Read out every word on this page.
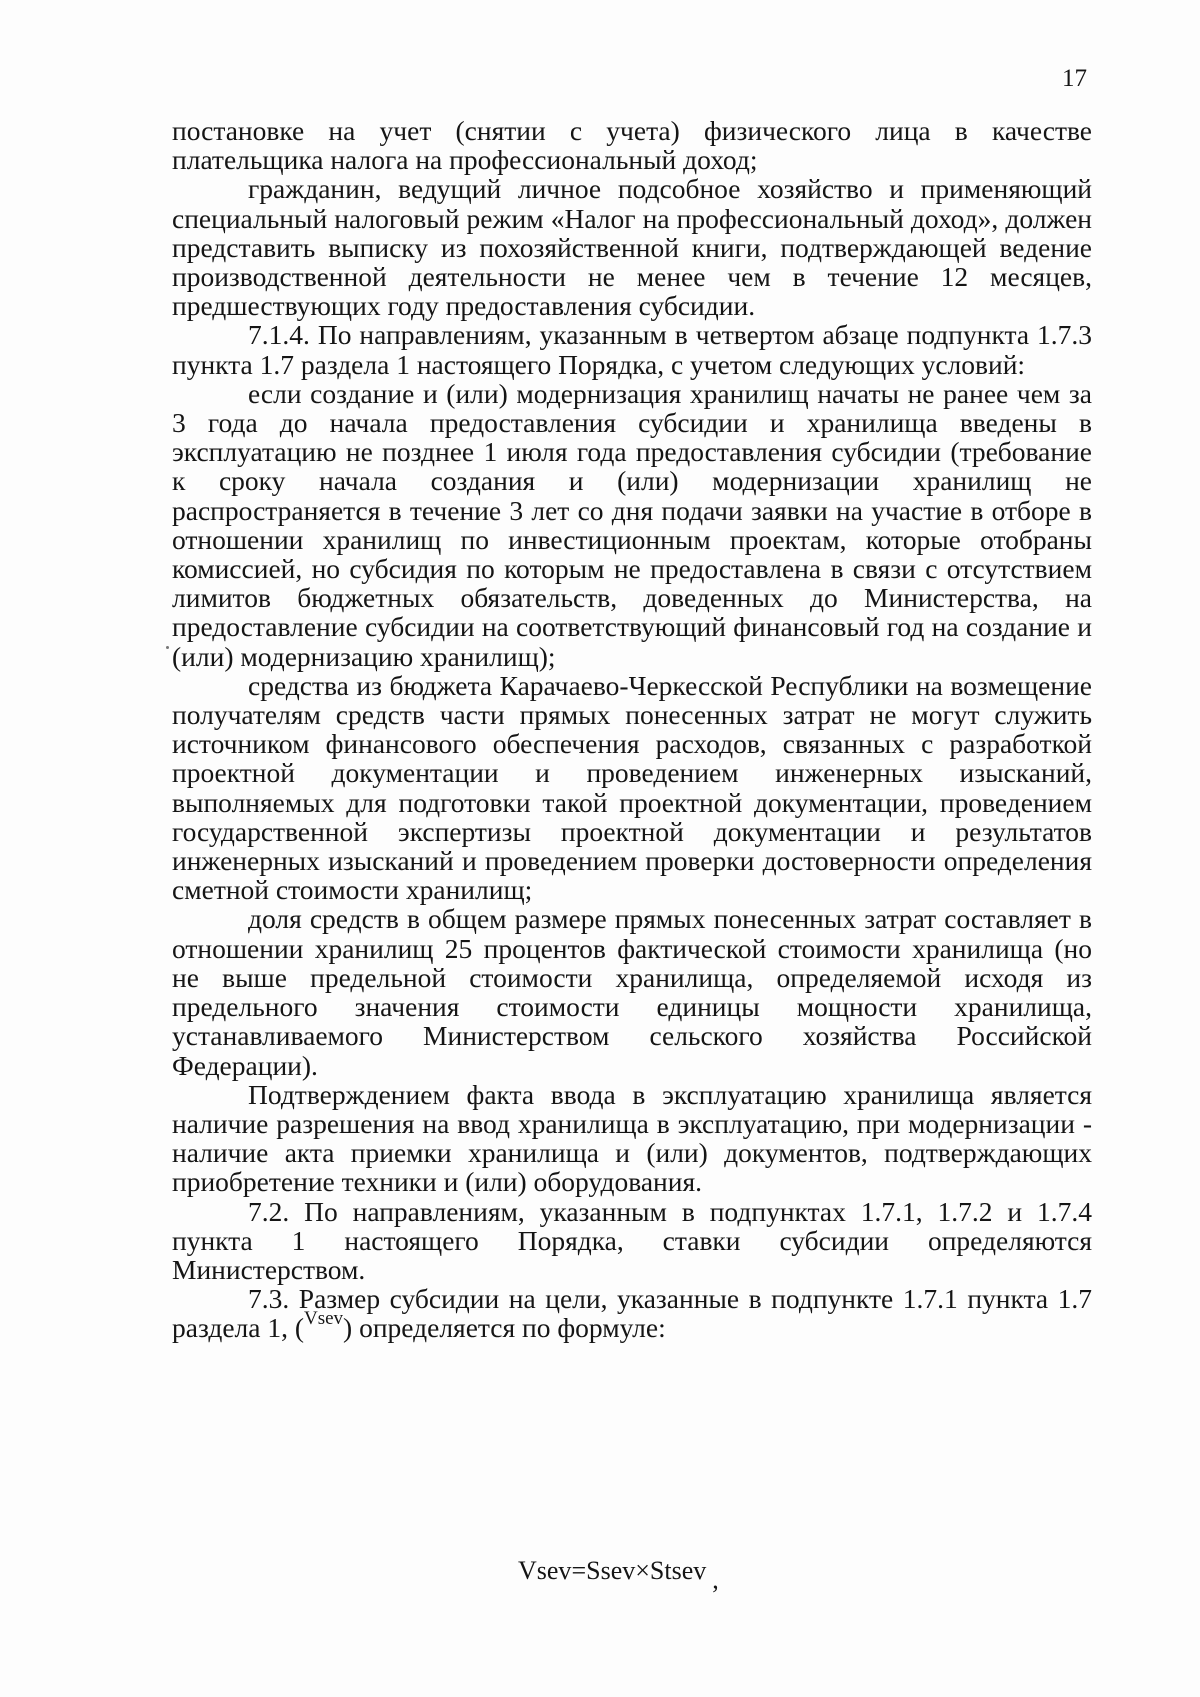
17

постановке на учет (снятии с учета) физического лица в качестве плательщика налога на профессиональный доход;

гражданин, ведущий личное подсобное хозяйство и применяющий специальный налоговый режим «Налог на профессиональный доход», должен представить выписку из похозяйственной книги, подтверждающей ведение производственной деятельности не менее чем в течение 12 месяцев, предшествующих году предоставления субсидии.

7.1.4. По направлениям, указанным в четвертом абзаце подпункта 1.7.3 пункта 1.7 раздела 1 настоящего Порядка, с учетом следующих условий:

если создание и (или) модернизация хранилищ начаты не ранее чем за 3 года до начала предоставления субсидии и хранилища введены в эксплуатацию не позднее 1 июля года предоставления субсидии (требование к сроку начала создания и (или) модернизации хранилищ не распространяется в течение 3 лет со дня подачи заявки на участие в отборе в отношении хранилищ по инвестиционным проектам, которые отобраны комиссией, но субсидия по которым не предоставлена в связи с отсутствием лимитов бюджетных обязательств, доведенных до Министерства, на предоставление субсидии на соответствующий финансовый год на создание и (или) модернизацию хранилищ);

средства из бюджета Карачаево-Черкесской Республики на возмещение получателям средств части прямых понесенных затрат не могут служить источником финансового обеспечения расходов, связанных с разработкой проектной документации и проведением инженерных изысканий, выполняемых для подготовки такой проектной документации, проведением государственной экспертизы проектной документации и результатов инженерных изысканий и проведением проверки достоверности определения сметной стоимости хранилищ;

доля средств в общем размере прямых понесенных затрат составляет в отношении хранилищ 25 процентов фактической стоимости хранилища (но не выше предельной стоимости хранилища, определяемой исходя из предельного значения стоимости единицы мощности хранилища, устанавливаемого Министерством сельского хозяйства Российской Федерации).

Подтверждением факта ввода в эксплуатацию хранилища является наличие разрешения на ввод хранилища в эксплуатацию, при модернизации - наличие акта приемки хранилища и (или) документов, подтверждающих приобретение техники и (или) оборудования.

7.2. По направлениям, указанным в подпунктах 1.7.1, 1.7.2 и 1.7.4 пункта 1 настоящего Порядка, ставки субсидии определяются Министерством.

7.3. Размер субсидии на цели, указанные в подпункте 1.7.1 пункта 1.7 раздела 1, ($^{Vsev}$) определяется по формуле:

Vsev=Ssev×Stsev ,
